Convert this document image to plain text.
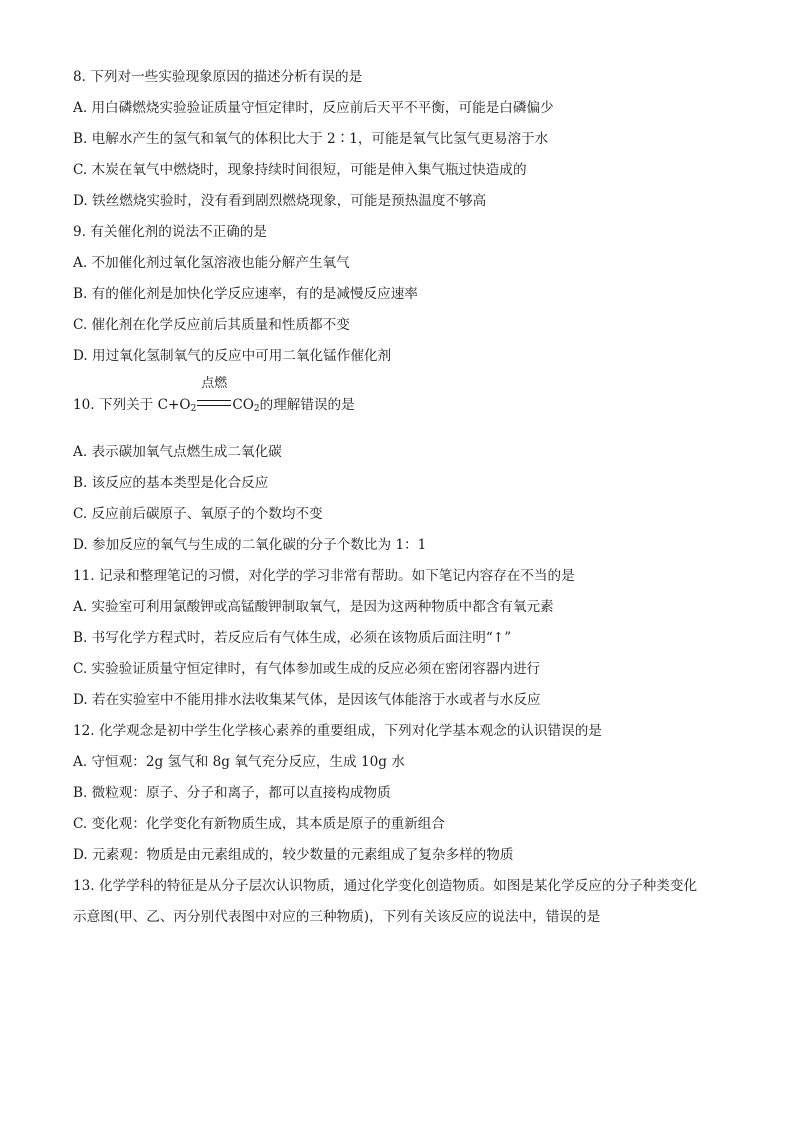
8. 下列对一些实验现象原因的描述分析有误的是
A. 用白磷燃烧实验验证质量守恒定律时，反应前后天平不平衡，可能是白磷偏少
B. 电解水产生的氢气和氧气的体积比大于 2∶1，可能是氧气比氢气更易溶于水
C. 木炭在氧气中燃烧时，现象持续时间很短，可能是伸入集气瓶过快造成的
D. 铁丝燃烧实验时，没有看到剧烈燃烧现象，可能是预热温度不够高
9. 有关催化剂的说法不正确的是
A. 不加催化剂过氧化氢溶液也能分解产生氧气
B. 有的催化剂是加快化学反应速率，有的是减慢反应速率
C. 催化剂在化学反应前后其质量和性质都不变
D. 用过氧化氢制氧气的反应中可用二氧化锰作催化剂
10. 下列关于 $C+O_2$
点燃
$CO_2$的理解错误的是
A. 表示碳加氧气点燃生成二氧化碳
B. 该反应的基本类型是化合反应
C. 反应前后碳原子、氧原子的个数均不变
D. 参加反应的氧气与生成的二氧化碳的分子个数比为 1：1
11. 记录和整理笔记的习惯，对化学的学习非常有帮助。如下笔记内容存在不当的是
A. 实验室可利用氯酸钾或高锰酸钾制取氧气，是因为这两种物质中都含有氧元素
B. 书写化学方程式时，若反应后有气体生成，必须在该物质后面注明“↑”
C. 实验验证质量守恒定律时，有气体参加或生成的反应必须在密闭容器内进行
D. 若在实验室中不能用排水法收集某气体，是因该气体能溶于水或者与水反应
12. 化学观念是初中学生化学核心素养的重要组成，下列对化学基本观念的认识错误的是
A. 守恒观：2g 氢气和 8g 氧气充分反应，生成 10g 水
B. 微粒观：原子、分子和离子，都可以直接构成物质
C. 变化观：化学变化有新物质生成，其本质是原子的重新组合
D. 元素观：物质是由元素组成的，较少数量的元素组成了复杂多样的物质
13. 化学学科的特征是从分子层次认识物质，通过化学变化创造物质。如图是某化学反应的分子种类变化
示意图(甲、乙、丙分别代表图中对应的三种物质)，下列有关该反应的说法中，错误的是
